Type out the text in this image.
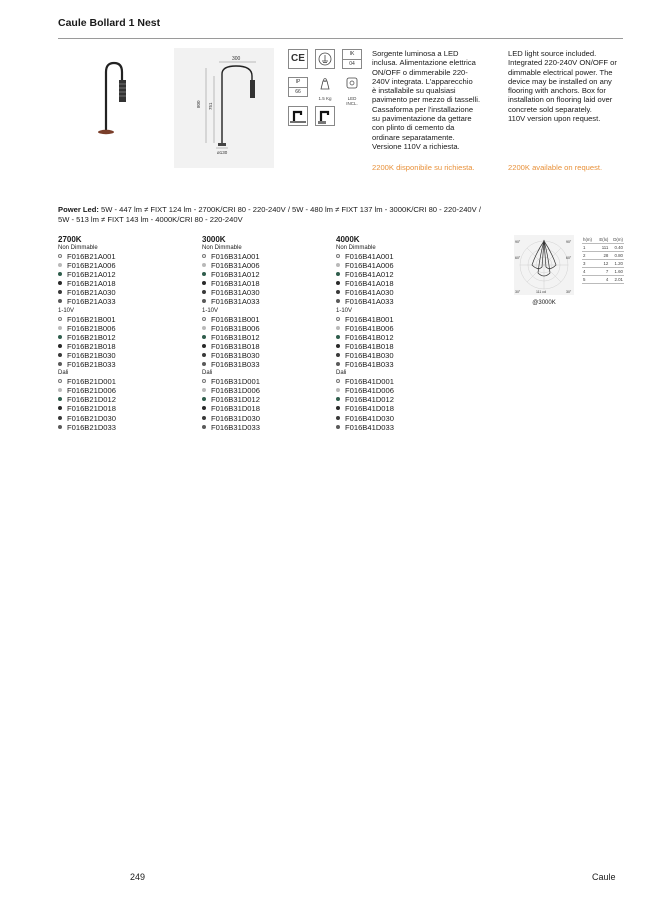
Caule Bollard 1 Nest
300
800 751
ø130
CE	IK
04
IP
66
1.5 Kg	LED INCL.
Sorgente luminosa a LED
inclusa. Alimentazione elettrica
ON/OFF o dimmerabile 220-
240V integrata. L'apparecchio
è installabile su qualsiasi
pavimento per mezzo di tasselli.
Cassaforma per l'installazione
su pavimentazione da gettare
con plinto di cemento da
ordinare separatamente.
Versione 110V a richiesta.
LED light source included.
Integrated 220-240V ON/OFF or
dimmable electrical power. The
device may be installed on any
flooring with anchors. Box for
installation on flooring laid over
concrete sold separately.
110V version upon request.
2200K disponibile su richiesta.	2200K available on request.
Power Led: 5W - 447 lm ≠ FIXT 124 lm - 2700K/CRI 80 - 220-240V / 5W - 480 lm ≠ FIXT 137 lm - 3000K/CRI 80 - 220-240V /
5W - 513 lm ≠ FIXT 143 lm - 4000K/CRI 80 - 220-240V
2700K
Non Dimmable
F016B21A001
F016B21A006
F016B21A012
F016B21A018
F016B21A030
F016B21A033
1-10V
F016B21B001
F016B21B006
F016B21B012
F016B21B018
F016B21B030
F016B21B033
Dali
F016B21D001
F016B21D006
F016B21D012
F016B21D018
F016B21D030
F016B21D033
3000K
Non Dimmable
F016B31A001
F016B31A006
F016B31A012
F016B31A018
F016B31A030
F016B31A033
1-10V
F016B31B001
F016B31B006
F016B31B012
F016B31B018
F016B31B030
F016B31B033
Dali
F016B31D001
F016B31D006
F016B31D012
F016B31D018
F016B31D030
F016B31D033
4000K
Non Dimmable
F016B41A001
F016B41A006
F016B41A012
F016B41A018
F016B41A030
F016B41A033
1-10V
F016B41B001
F016B41B006
F016B41B012
F016B41B018
F016B41B030
F016B41B033
Dali
F016B41D001
F016B41D006
F016B41D012
F016B41D018
F016B41D030
F016B41D033
90°	90°
60°	60°
30°	30°
111 cd
@3000K
h(m)	E(lx)	D(m)
1	111	0.40
2	28	0.80
3	12	1.20
4	7	1.60
5	4	2.01
249	Caule
